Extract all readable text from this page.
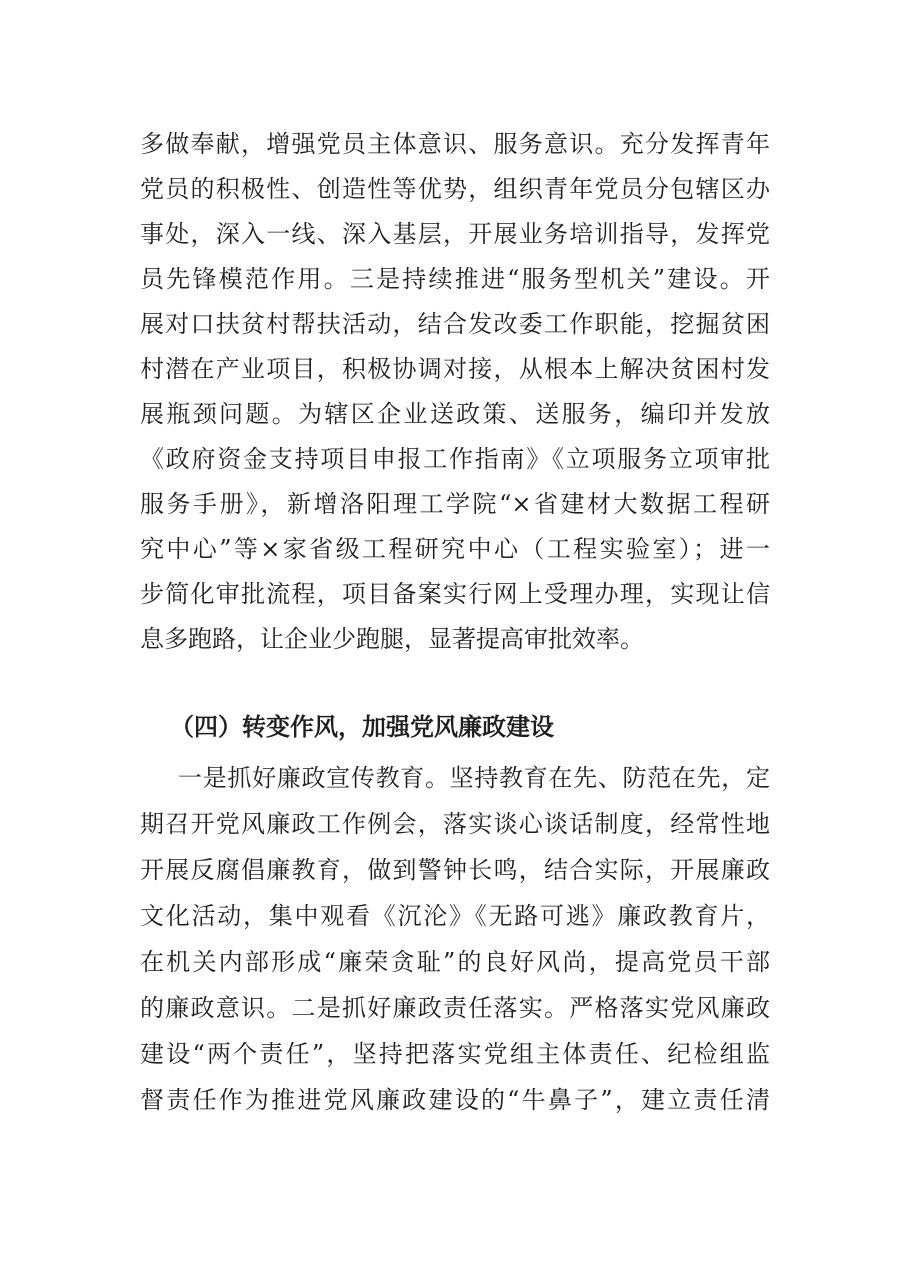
多做奉献，增强党员主体意识、服务意识。充分发挥青年
党员的积极性、创造性等优势，组织青年党员分包辖区办
事处，深入一线、深入基层，开展业务培训指导，发挥党
员先锋模范作用。三是持续推进“服务型机关”建设。开
展对口扶贫村帮扶活动，结合发改委工作职能，挖掘贫困
村潜在产业项目，积极协调对接，从根本上解决贫困村发
展瓶颈问题。为辖区企业送政策、送服务，编印并发放
《政府资金支持项目申报工作指南》《立项服务立项审批
服务手册》，新增洛阳理工学院“×省建材大数据工程研
究中心”等×家省级工程研究中心（工程实验室）；进一
步简化审批流程，项目备案实行网上受理办理，实现让信
息多跑路，让企业少跑腿，显著提高审批效率。
（四）转变作风，加强党风廉政建设
一是抓好廉政宣传教育。坚持教育在先、防范在先，定
期召开党风廉政工作例会，落实谈心谈话制度，经常性地
开展反腐倡廉教育，做到警钟长鸣，结合实际，开展廉政
文化活动，集中观看《沉沦》《无路可逃》廉政教育片，
在机关内部形成“廉荣贪耻”的良好风尚，提高党员干部
的廉政意识。二是抓好廉政责任落实。严格落实党风廉政
建设“两个责任”，坚持把落实党组主体责任、纪检组监
督责任作为推进党风廉政建设的“牛鼻子”，建立责任清
